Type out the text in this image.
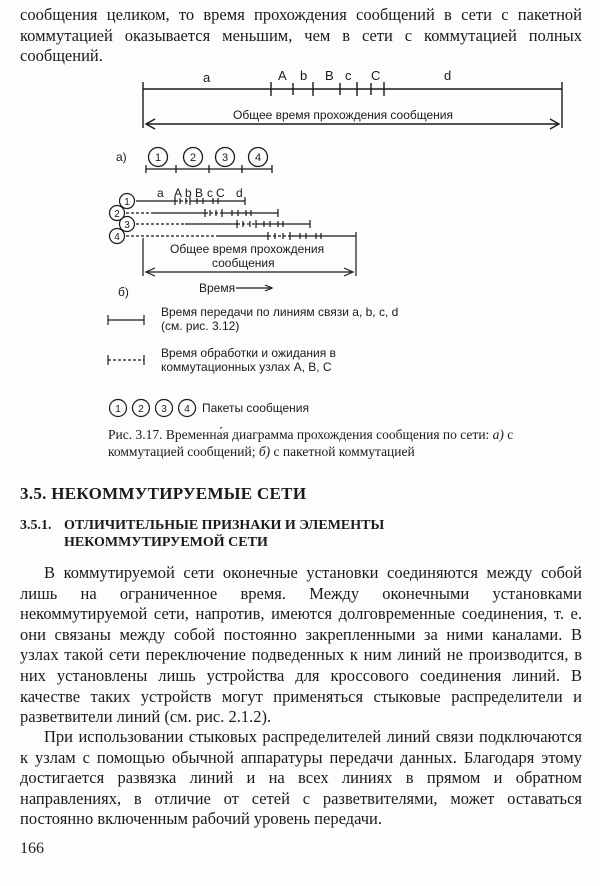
сообщения целиком, то время прохождения сообщений в сети с пакетной коммутацией оказывается меньшим, чем в сети с коммутацией полных сообщений.

a	A b B c C	d
Общее время прохождения сообщения
а)	1	2 3 4
a A b B c C d
1
2
3
4
Общее время прохождения
сообщения
Время
б)
Время передачи по линиям связи a, b, c, d
(см. рис. 3.12)
Время обработки и ожидания в
коммутационных узлах A, B, C
Пакеты сообщения
1 2 3 4

Рис. 3.17. Временна́я диаграмма прохождения сообщения по сети: а) с коммутацией сообщений; б) с пакетной коммутацией

3.5. НЕКОММУТИРУЕМЫЕ СЕТИ
3.5.1. ОТЛИЧИТЕЛЬНЫЕ ПРИЗНАКИ И ЭЛЕМЕНТЫ
НЕКОММУТИРУЕМОЙ СЕТИ

В коммутируемой сети оконечные установки соединяются между собой лишь на ограниченное время. Между оконечными установками некоммутируемой сети, напротив, имеются долговременные соединения, т. е. они связаны между собой постоянно закрепленными за ними каналами. В узлах такой сети переключение подведенных к ним линий не производится, в них установлены лишь устройства для кроссового соединения линий. В качестве таких устройств могут применяться стыковые распределители и разветвители линий (см. рис. 2.1.2).

При использовании стыковых распределителей линий связи подключаются к узлам с помощью обычной аппаратуры передачи данных. Благодаря этому достигается развязка линий и на всех линиях в прямом и обратном направлениях, в отличие от сетей с разветвителями, может оставаться постоянно включенным рабочий уровень передачи.

166
